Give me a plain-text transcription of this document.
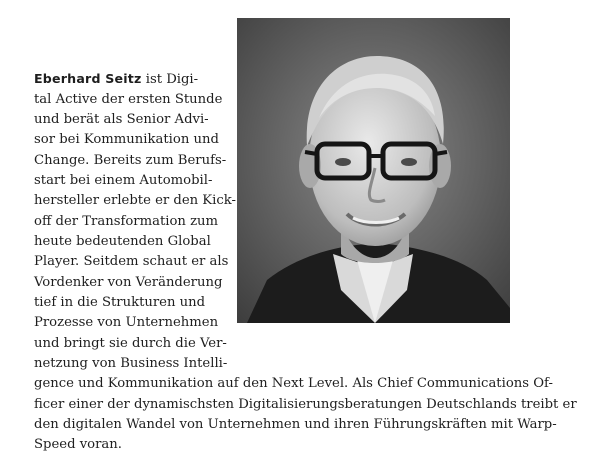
Eberhard Seitz ist Digi-
tal Active der ersten Stunde
und berät als Senior Advi-
sor bei Kommunikation und
Change. Bereits zum Berufs-
start bei einem Automobil-
hersteller erlebte er den Kick-
off der Transformation zum
heute bedeutenden Global
Player. Seitdem schaut er als
Vordenker von Veränderung
tief in die Strukturen und
Prozesse von Unternehmen
und bringt sie durch die Ver-
netzung von Business Intelli-
gence und Kommunikation auf den Next Level. Als Chief Communications Of-
ficer einer der dynamischsten Digitalisierungsberatungen Deutschlands treibt er
den digitalen Wandel von Unternehmen und ihren Führungskräften mit Warp-
Speed voran.
